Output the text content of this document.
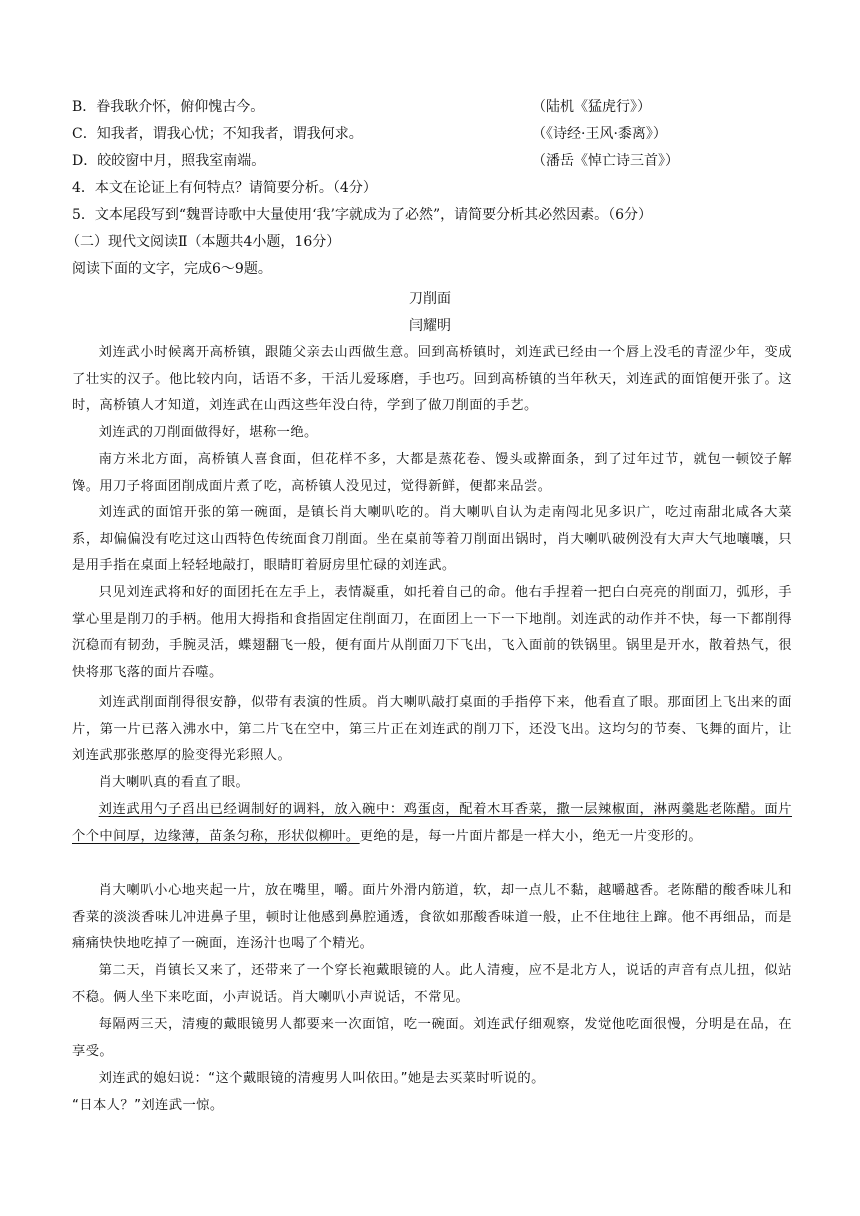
B．眷我耿介怀，俯仰愧古今。	（陆机《猛虎行》）
C．知我者，谓我心忧；不知我者，谓我何求。	（《诗经·王风·黍离》）
D．皎皎窗中月，照我室南端。	（潘岳《悼亡诗三首》）
4．本文在论证上有何特点？请简要分析。（4分）
5．文本尾段写到“魏晋诗歌中大量使用‘我’字就成为了必然”，请简要分析其必然因素。（6分）
（二）现代文阅读Ⅱ（本题共4小题，16分）
阅读下面的文字，完成6～9题。
刀削面
闫耀明

刘连武小时候离开高桥镇，跟随父亲去山西做生意。回到高桥镇时，刘连武已经由一个唇上没毛的青涩少年，变成了壮实的汉子。他比较内向，话语不多，干活儿爱琢磨，手也巧。回到高桥镇的当年秋天，刘连武的面馆便开张了。这时，高桥镇人才知道，刘连武在山西这些年没白待，学到了做刀削面的手艺。

刘连武的刀削面做得好，堪称一绝。

南方米北方面，高桥镇人喜食面，但花样不多，大都是蒸花卷、馒头或擀面条，到了过年过节，就包一顿饺子解馋。用刀子将面团削成面片煮了吃，高桥镇人没见过，觉得新鲜，便都来品尝。

刘连武的面馆开张的第一碗面，是镇长肖大喇叭吃的。肖大喇叭自认为走南闯北见多识广，吃过南甜北咸各大菜系，却偏偏没有吃过这山西特色传统面食刀削面。坐在桌前等着刀削面出锅时，肖大喇叭破例没有大声大气地嚷嚷，只是用手指在桌面上轻轻地敲打，眼睛盯着厨房里忙碌的刘连武。

只见刘连武将和好的面团托在左手上，表情凝重，如托着自己的命。他右手捏着一把白白亮亮的削面刀，弧形，手掌心里是削刀的手柄。他用大拇指和食指固定住削面刀，在面团上一下一下地削。刘连武的动作并不快，每一下都削得沉稳而有韧劲，手腕灵活，蝶翅翻飞一般，便有面片从削面刀下飞出，飞入面前的铁锅里。锅里是开水，散着热气，很快将那飞落的面片吞噬。

刘连武削面削得很安静，似带有表演的性质。肖大喇叭敲打桌面的手指停下来，他看直了眼。那面团上飞出来的面片，第一片已落入沸水中，第二片飞在空中，第三片正在刘连武的削刀下，还没飞出。这均匀的节奏、飞舞的面片，让刘连武那张憨厚的脸变得光彩照人。

肖大喇叭真的看直了眼。

刘连武用勺子舀出已经调制好的调料，放入碗中：鸡蛋卤，配着木耳香菜，撒一层辣椒面，淋两羹匙老陈醋。面片个个中间厚，边缘薄，苗条匀称，形状似柳叶。更绝的是，每一片面片都是一样大小，绝无一片变形的。

肖大喇叭小心地夹起一片，放在嘴里，嚼。面片外滑内筋道，软，却一点儿不黏，越嚼越香。老陈醋的酸香味儿和香菜的淡淡香味儿冲进鼻子里，顿时让他感到鼻腔通透，食欲如那酸香味道一般，止不住地往上蹿。他不再细品，而是痛痛快快地吃掉了一碗面，连汤汁也喝了个精光。

第二天，肖镇长又来了，还带来了一个穿长袍戴眼镜的人。此人清瘦，应不是北方人，说话的声音有点儿扭，似站不稳。俩人坐下来吃面，小声说话。肖大喇叭小声说话，不常见。

每隔两三天，清瘦的戴眼镜男人都要来一次面馆，吃一碗面。刘连武仔细观察，发觉他吃面很慢，分明是在品，在享受。

刘连武的媳妇说：“这个戴眼镜的清瘦男人叫依田。”她是去买菜时听说的。

“日本人？”刘连武一惊。
